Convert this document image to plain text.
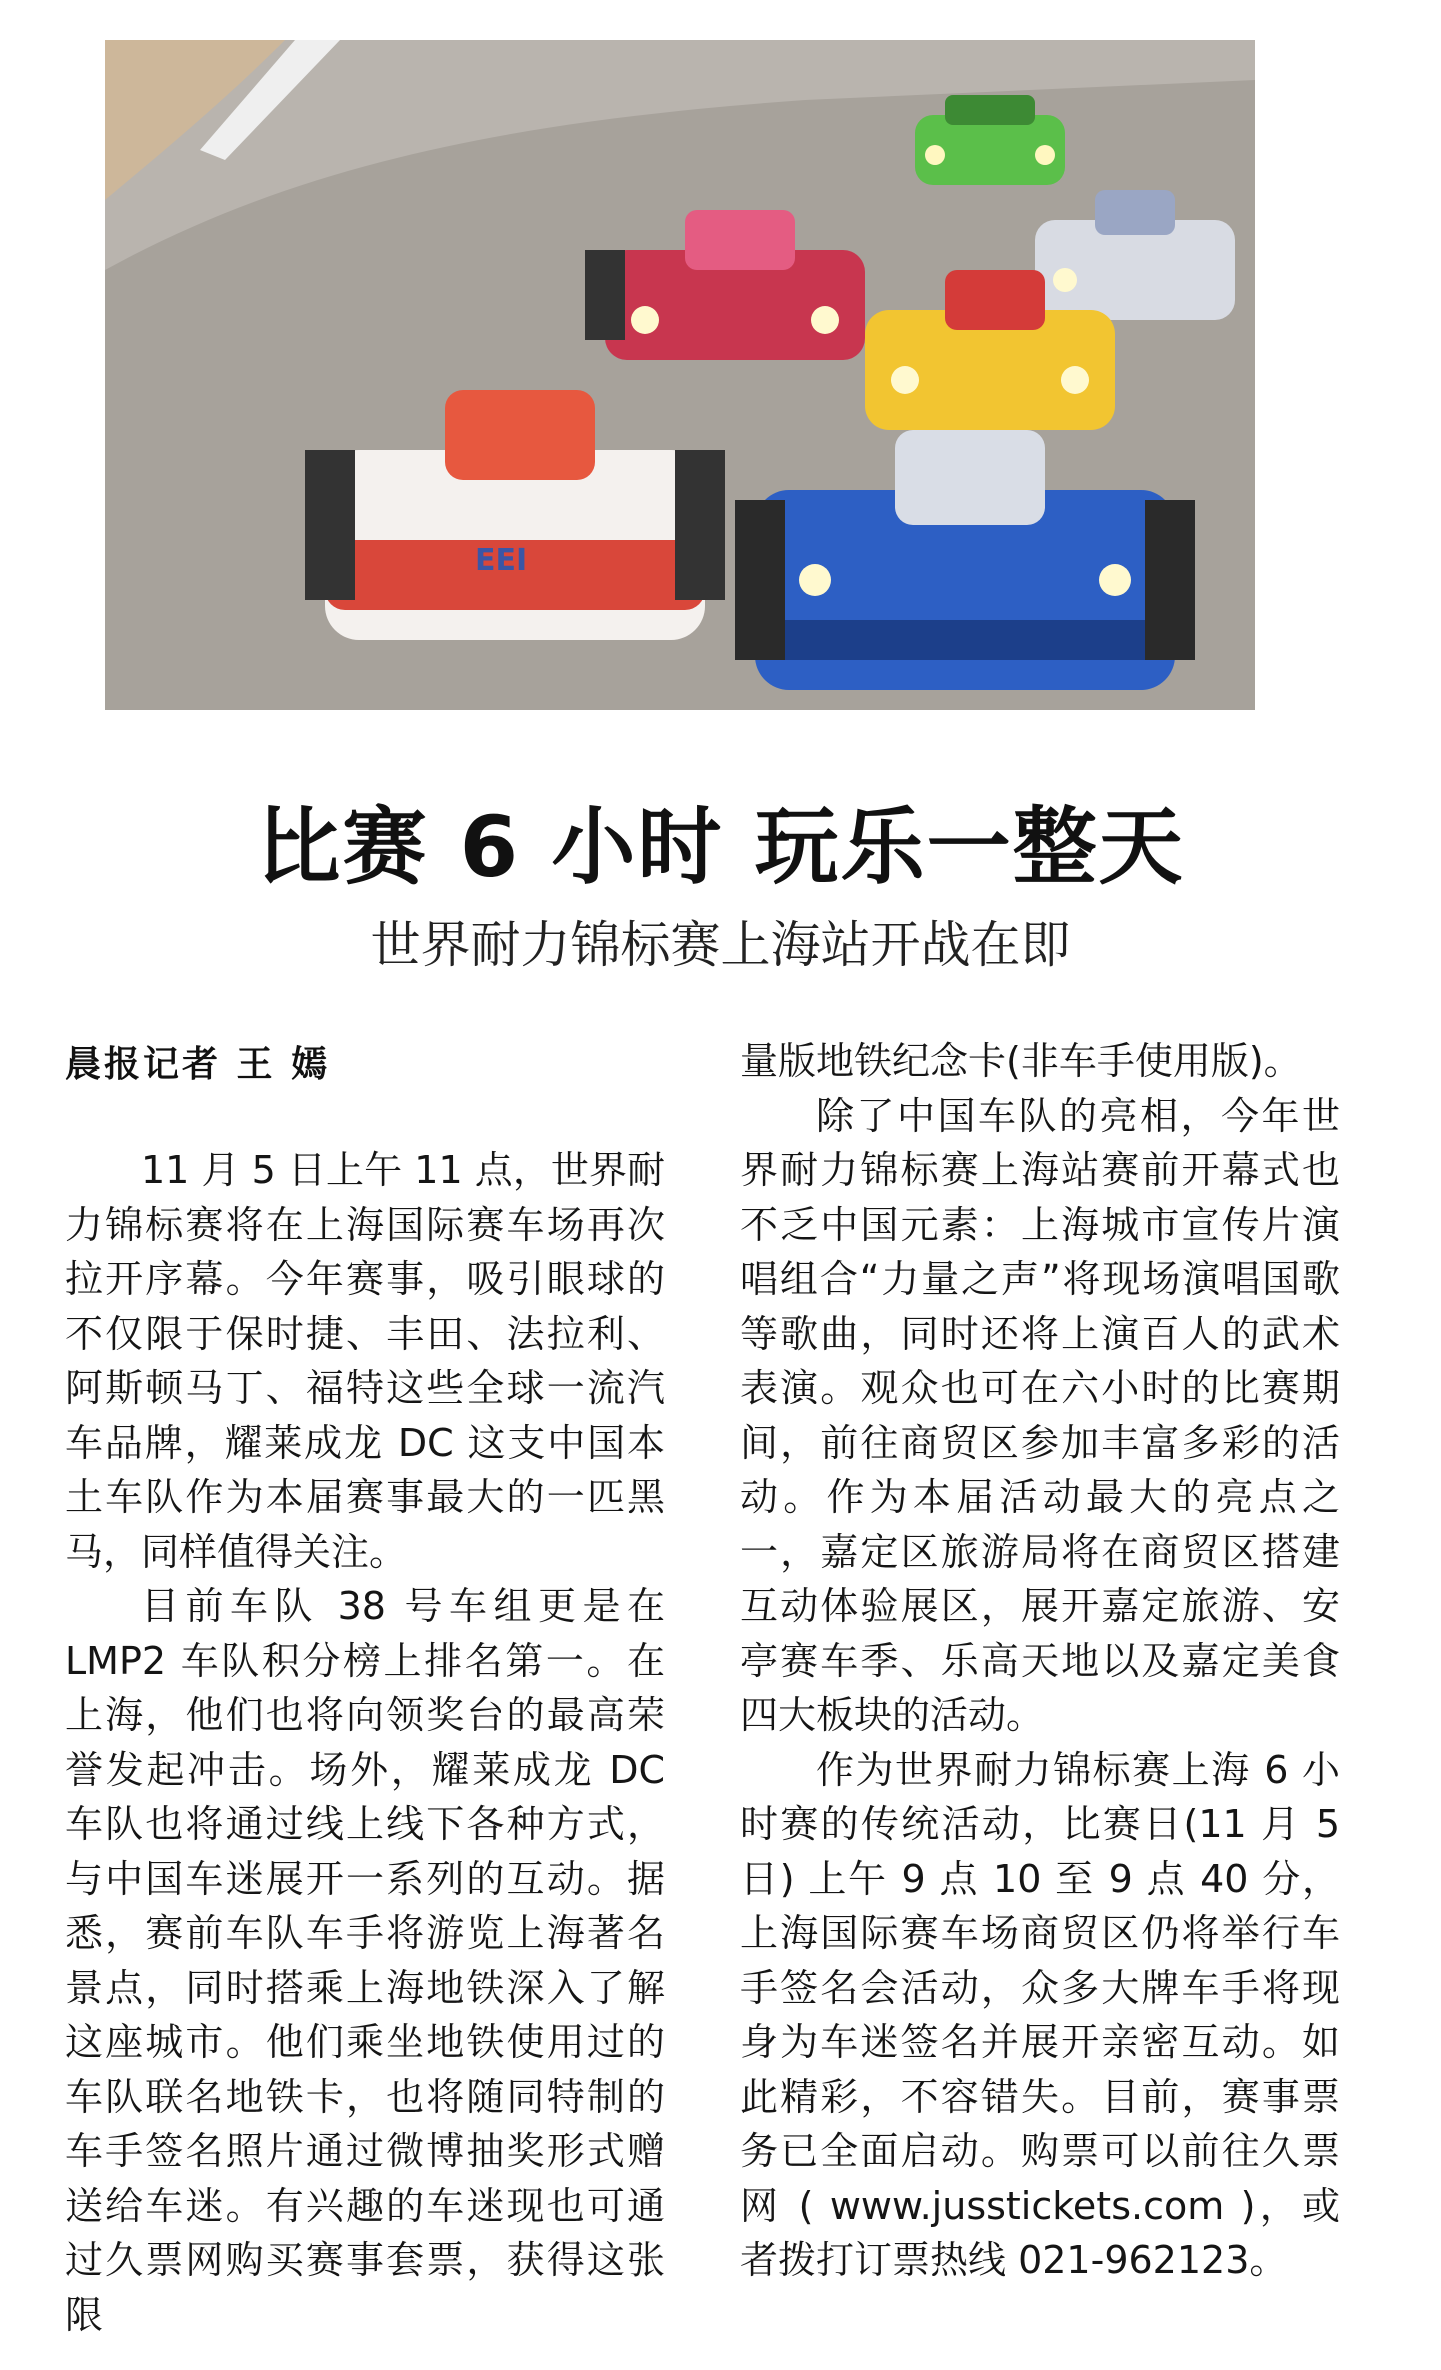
EEI
比赛 6 小时 玩乐一整天
世界耐力锦标赛上海站开战在即
晨报记者 王 嫣

11 月 5 日上午 11 点，世界耐力锦标赛将在上海国际赛车场再次拉开序幕。今年赛事，吸引眼球的不仅限于保时捷、丰田、法拉利、阿斯顿马丁、福特这些全球一流汽车品牌，耀莱成龙 DC 这支中国本土车队作为本届赛事最大的一匹黑马，同样值得关注。

目前车队 38 号车组更是在 LMP2 车队积分榜上排名第一。在上海，他们也将向领奖台的最高荣誉发起冲击。场外，耀莱成龙 DC 车队也将通过线上线下各种方式，与中国车迷展开一系列的互动。据悉，赛前车队车手将游览上海著名景点，同时搭乘上海地铁深入了解这座城市。他们乘坐地铁使用过的车队联名地铁卡，也将随同特制的车手签名照片通过微博抽奖形式赠送给车迷。有兴趣的车迷现也可通过久票网购买赛事套票，获得这张限

量版地铁纪念卡(非车手使用版)。

除了中国车队的亮相，今年世界耐力锦标赛上海站赛前开幕式也不乏中国元素：上海城市宣传片演唱组合“力量之声”将现场演唱国歌等歌曲，同时还将上演百人的武术表演。观众也可在六小时的比赛期间，前往商贸区参加丰富多彩的活动。作为本届活动最大的亮点之一，嘉定区旅游局将在商贸区搭建互动体验展区，展开嘉定旅游、安亭赛车季、乐高天地以及嘉定美食四大板块的活动。

作为世界耐力锦标赛上海 6 小时赛的传统活动，比赛日(11 月 5 日) 上午 9 点 10 至 9 点 40 分，上海国际赛车场商贸区仍将举行车手签名会活动，众多大牌车手将现身为车迷签名并展开亲密互动。如此精彩，不容错失。目前，赛事票务已全面启动。购票可以前往久票网 ( www.jusstickets.com )，或者拨打订票热线 021-962123。
